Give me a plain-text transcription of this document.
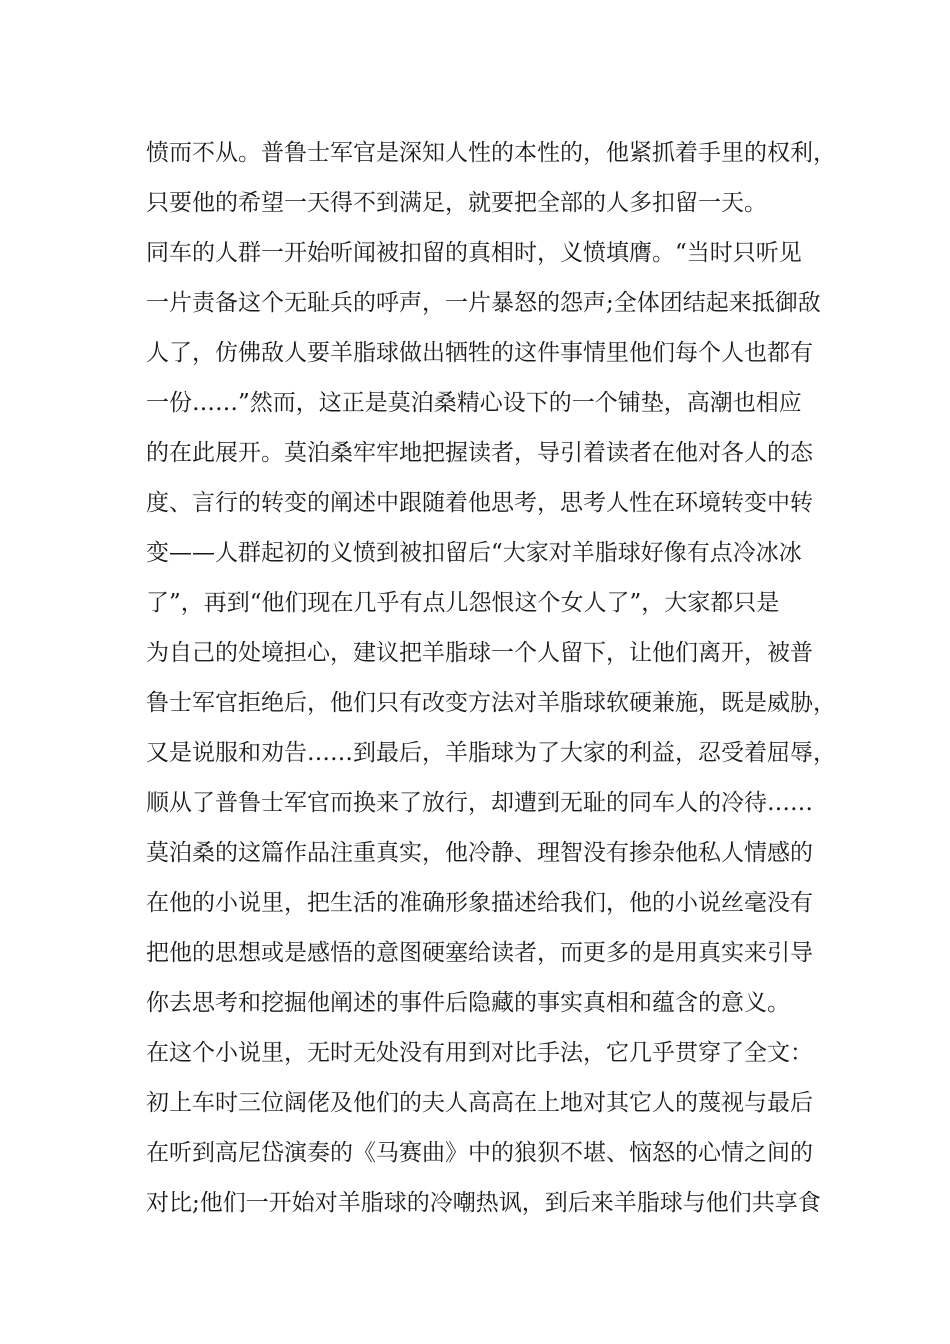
愤而不从。普鲁士军官是深知人性的本性的，他紧抓着手里的权利，
只要他的希望一天得不到满足，就要把全部的人多扣留一天。
同车的人群一开始听闻被扣留的真相时，义愤填膺。“当时只听见
一片责备这个无耻兵的呼声，一片暴怒的怨声;全体团结起来抵御敌
人了，仿佛敌人要羊脂球做出牺牲的这件事情里他们每个人也都有
一份……”然而，这正是莫泊桑精心设下的一个铺垫，高潮也相应
的在此展开。莫泊桑牢牢地把握读者，导引着读者在他对各人的态
度、言行的转变的阐述中跟随着他思考，思考人性在环境转变中转
变——人群起初的义愤到被扣留后“大家对羊脂球好像有点冷冰冰
了”，再到“他们现在几乎有点儿怨恨这个女人了”，大家都只是
为自己的处境担心，建议把羊脂球一个人留下，让他们离开，被普
鲁士军官拒绝后，他们只有改变方法对羊脂球软硬兼施，既是威胁，
又是说服和劝告……到最后，羊脂球为了大家的利益，忍受着屈辱，
顺从了普鲁士军官而换来了放行，却遭到无耻的同车人的冷待……
莫泊桑的这篇作品注重真实，他冷静、理智没有掺杂他私人情感的
在他的小说里，把生活的准确形象描述给我们，他的小说丝毫没有
把他的思想或是感悟的意图硬塞给读者，而更多的是用真实来引导
你去思考和挖掘他阐述的事件后隐藏的事实真相和蕴含的意义。
在这个小说里，无时无处没有用到对比手法，它几乎贯穿了全文：
初上车时三位阔佬及他们的夫人高高在上地对其它人的蔑视与最后
在听到高尼岱演奏的《马赛曲》中的狼狈不堪、恼怒的心情之间的
对比;他们一开始对羊脂球的冷嘲热讽，到后来羊脂球与他们共享食
